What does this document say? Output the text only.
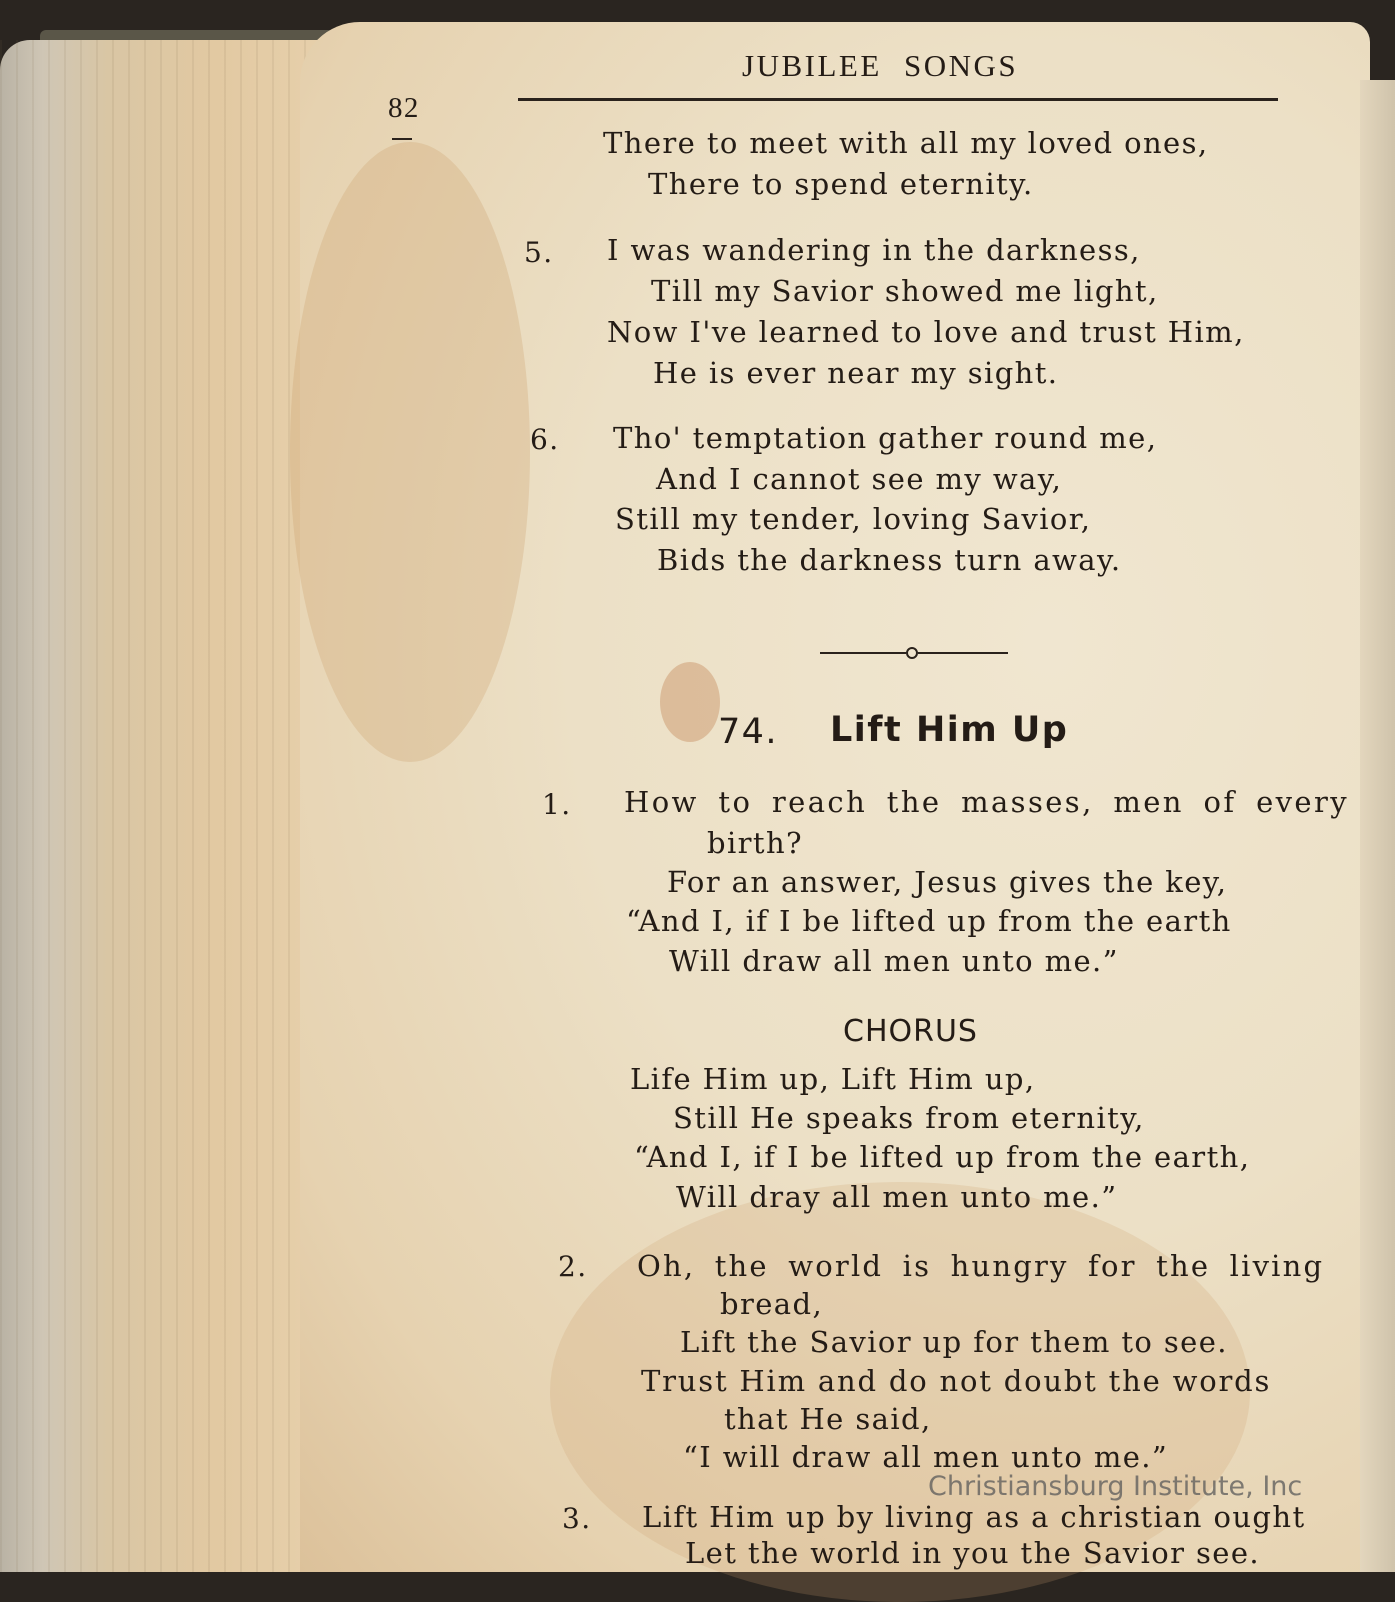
JUBILEE SONGS
82
There to meet with all my loved ones,
There to spend eternity.
5. I was wandering in the darkness,
Till my Savior showed me light,
Now I've learned to love and trust Him,
He is ever near my sight.
6. Tho' temptation gather round me,
And I cannot see my way,
Still my tender, loving Savior,
Bids the darkness turn away.
74. Lift Him Up
1. How to reach the masses, men of every
birth?
For an answer, Jesus gives the key,
“And I, if I be lifted up from the earth
Will draw all men unto me.”
CHORUS
Life Him up, Lift Him up,
Still He speaks from eternity,
“And I, if I be lifted up from the earth,
Will dray all men unto me.”
2. Oh, the world is hungry for the living
bread,
Lift the Savior up for them to see.
Trust Him and do not doubt the words
that He said,
“I will draw all men unto me.”
3. Lift Him up by living as a christian ought
Let the world in you the Savior see.
Christiansburg Institute, Inc
